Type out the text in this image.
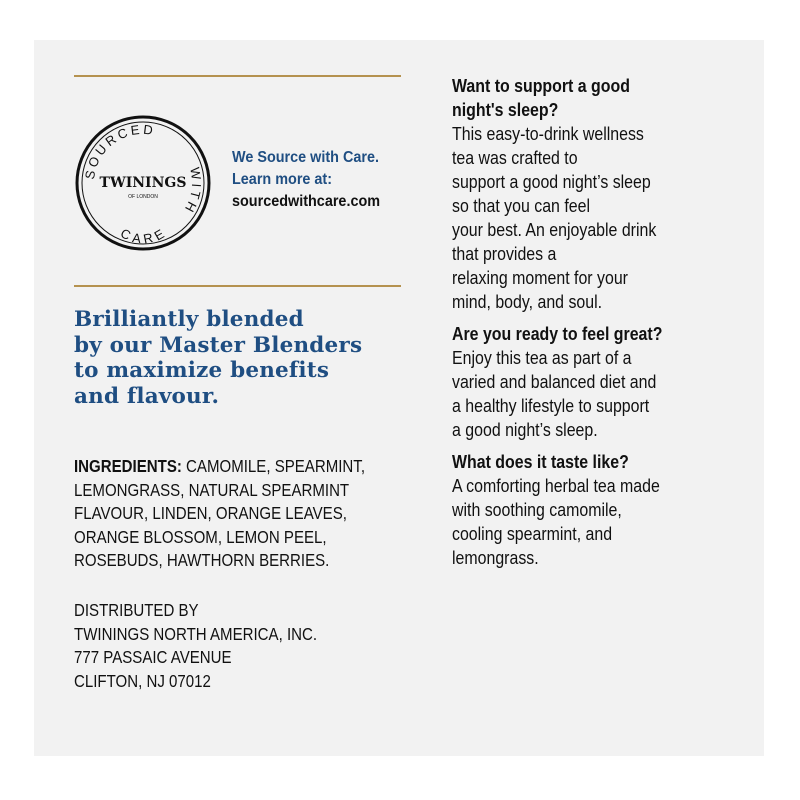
SOURCED
WITH
CARE
TWININGS
OF LONDON
We Source with Care.
Learn more at:
sourcedwithcare.com
Brilliantly blended
by our Master Blenders
to maximize benefits
and flavour.
INGREDIENTS: CAMOMILE, SPEARMINT,
LEMONGRASS, NATURAL SPEARMINT
FLAVOUR, LINDEN, ORANGE LEAVES,
ORANGE BLOSSOM, LEMON PEEL,
ROSEBUDS, HAWTHORN BERRIES.
DISTRIBUTED BY
TWININGS NORTH AMERICA, INC.
777 PASSAIC AVENUE
CLIFTON, NJ 07012
Want to support a good
night's sleep?
This easy-to-drink wellness
tea was crafted to
support a good night’s sleep
so that you can feel
your best. An enjoyable drink
that provides a
relaxing moment for your
mind, body, and soul.
Are you ready to feel great?
Enjoy this tea as part of a
varied and balanced diet and
a healthy lifestyle to support
a good night’s sleep.
What does it taste like?
A comforting herbal tea made
with soothing camomile,
cooling spearmint, and
lemongrass.
